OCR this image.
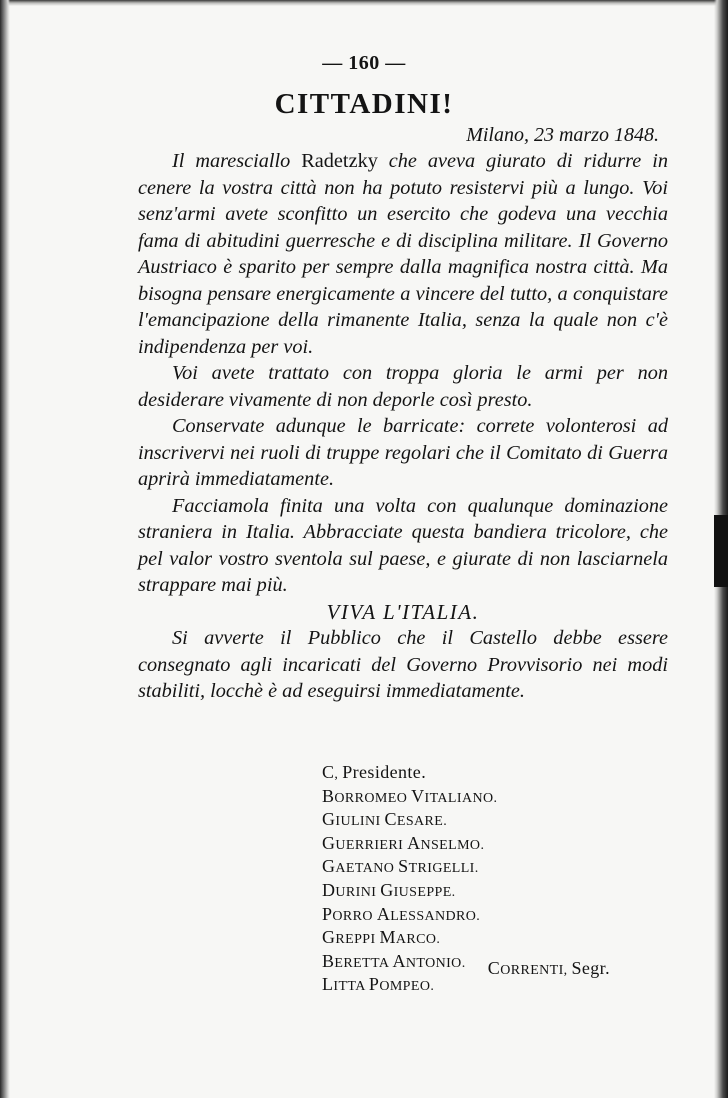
— 160 —
CITTADINI!
Milano, 23 marzo 1848.

Il maresciallo Radetzky che aveva giurato di ridurre in cenere la vostra città non ha potuto resistervi più a lungo. Voi senz'armi avete sconfitto un esercito che godeva una vecchia fama di abitudini guerresche e di disciplina militare. Il Governo Austriaco è sparito per sempre dalla magnifica nostra città. Ma bisogna pensare energicamente a vincere del tutto, a conquistare l'emancipazione della rimanente Italia, senza la quale non c'è indipendenza per voi.

Voi avete trattato con troppa gloria le armi per non desiderare vivamente di non deporle così presto.

Conservate adunque le barricate: correte volonterosi ad inscrivervi nei ruoli di truppe regolari che il Comitato di Guerra aprirà immediatamente.

Facciamola finita una volta con qualunque dominazione straniera in Italia. Abbracciate questa bandiera tricolore, che pel valor vostro sventola sul paese, e giurate di non lasciarnela strappare mai più.

VIVA L'ITALIA.

Si avverte il Pubblico che il Castello debbe essere consegnato agli incaricati del Governo Provvisorio nei modi stabiliti, locchè è ad eseguirsi immediatamente.

C, Presidente.
BORROMEO VITALIANO.
GIULINI CESARE.
GUERRIERI ANSELMO.
GAETANO STRIGELLI.
DURINI GIUSEPPE.
PORRO ALESSANDRO.
GREPPI MARCO.
BERETTA ANTONIO.
LITTA POMPEO.
CORRENTI, Segr.
